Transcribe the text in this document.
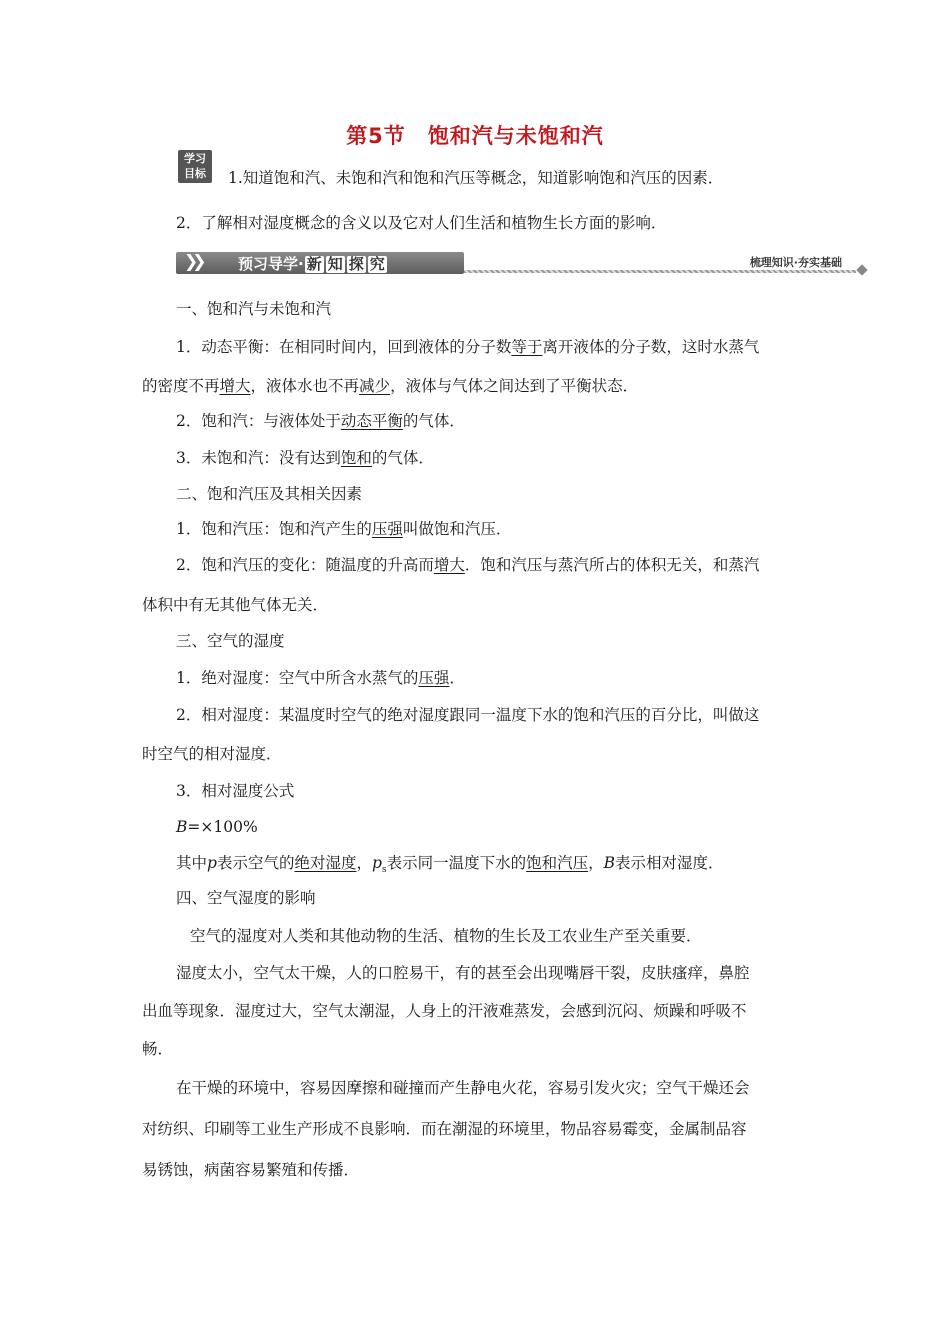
第5节 饱和汽与未饱和汽
学习
目标	1.知道饱和汽、未饱和汽和饱和汽压等概念，知道影响饱和汽压的因素．
2．了解相对湿度概念的含义以及它对人们生活和植物生长方面的影响．
❯❯	预习导学· 新 知 探 究	梳理知识·夯实基础
一、饱和汽与未饱和汽
1．动态平衡：在相同时间内，回到液体的分子数等于离开液体的分子数，这时水蒸气
的密度不再增大，液体水也不再减少，液体与气体之间达到了平衡状态．
2．饱和汽：与液体处于动态平衡的气体．
3．未饱和汽：没有达到饱和的气体．
二、饱和汽压及其相关因素
1．饱和汽压：饱和汽产生的压强叫做饱和汽压．
2．饱和汽压的变化：随温度的升高而增大．饱和汽压与蒸汽所占的体积无关，和蒸汽
体积中有无其他气体无关．
三、空气的湿度
1．绝对湿度：空气中所含水蒸气的压强．
2．相对湿度：某温度时空气的绝对湿度跟同一温度下水的饱和汽压的百分比，叫做这
时空气的相对湿度．
3．相对湿度公式
B=×100%
其中p表示空气的绝对湿度，$p_s$表示同一温度下水的饱和汽压，B表示相对湿度．
四、空气湿度的影响
空气的湿度对人类和其他动物的生活、植物的生长及工农业生产至关重要．
湿度太小，空气太干燥，人的口腔易干，有的甚至会出现嘴唇干裂，皮肤瘙痒，鼻腔
出血等现象．湿度过大，空气太潮湿，人身上的汗液难蒸发，会感到沉闷、烦躁和呼吸不
畅．
在干燥的环境中，容易因摩擦和碰撞而产生静电火花，容易引发火灾；空气干燥还会
对纺织、印刷等工业生产形成不良影响．而在潮湿的环境里，物品容易霉变，金属制品容
易锈蚀，病菌容易繁殖和传播．
